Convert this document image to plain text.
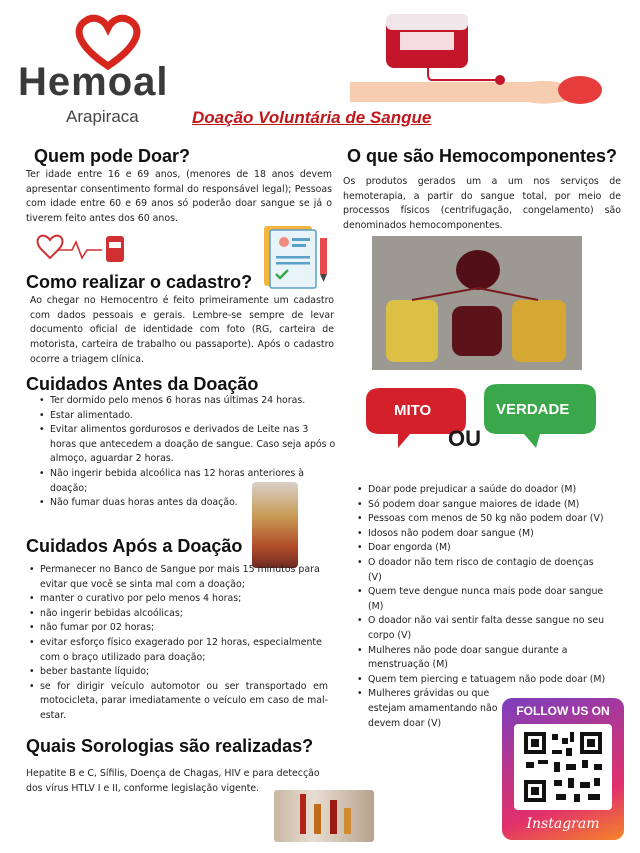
Hemoal
Arapiraca	Doação Voluntária de Sangue
Quem pode Doar?
Ter idade entre 16 e 69 anos, (menores de 18 anos devem apresentar consentimento formal do responsável legal); Pessoas com idade entre 60 e 69 anos só poderão doar sangue se já o tiverem feito antes dos 60 anos.
Como realizar o cadastro?
Ao chegar no Hemocentro é feito primeiramente um cadastro com dados pessoais e gerais. Lembre-se sempre de levar documento oficial de identidade com foto (RG, carteira de motorista, carteira de trabalho ou passaporte). Após o cadastro ocorre a triagem clínica.
Cuidados Antes da Doação
• Ter dormido pelo menos 6 horas nas últimas 24 horas.
• Estar alimentado.
• Evitar alimentos gordurosos e derivados de Leite nas 3 horas que antecedem a doação de sangue. Caso seja após o almoço, aguardar 2 horas.
• Não ingerir bebida alcoólica nas 12 horas anteriores à doação;
• Não fumar duas horas antes da doação.
Cuidados Após a Doação
• Permanecer no Banco de Sangue por mais 15 minutos para evitar que você se sinta mal com a doação;
• manter o curativo por pelo menos 4 horas;
• não ingerir bebidas alcoólicas;
• não fumar por 02 horas;
• evitar esforço físico exagerado por 12 horas, especialmente com o braço utilizado para doação;
• beber bastante líquido;
• se for dirigir veículo automotor ou ser transportado em motocicleta, parar imediatamente o veículo em caso de mal-estar.
Quais Sorologias são realizadas?
Hepatite B e C, Sífilis, Doença de Chagas, HIV e para detecção dos vírus HTLV I e II, conforme legislação vigente.
O que são Hemocomponentes?
Os produtos gerados um a um nos serviços de hemoterapia, a partir do sangue total, por meio de processos físicos (centrifugação, congelamento) são denominados hemocomponentes.
MITO	VERDADE
OU
• Doar pode prejudicar a saúde do doador (M)
• Só podem doar sangue maiores de idade (M)
• Pessoas com menos de 50 kg não podem doar (V)
• Idosos não podem doar sangue (M)
• Doar engorda (M)
• O doador não tem risco de contagio de doenças (V)
• Quem teve dengue nunca mais pode doar sangue (M)
• O doador não vai sentir falta desse sangue no seu corpo (V)
• Mulheres não pode doar sangue durante a menstruação (M)
• Quem tem piercing e tatuagem não pode doar (M)
• Mulheres grávidas ou que estejam amamentando não devem doar (V)
FOLLOW US ON
Instagram
